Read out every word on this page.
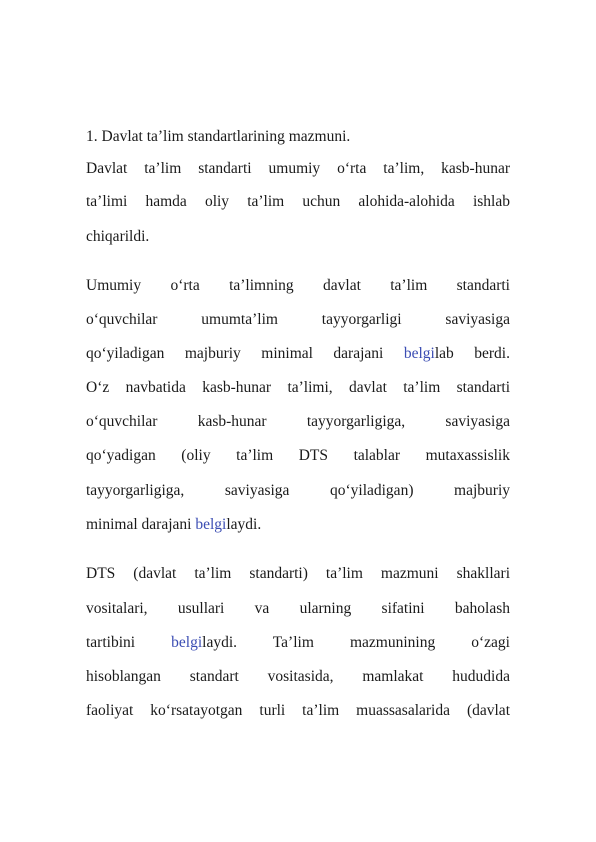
1. Davlat ta’lim standartlarining mazmuni.
Davlat ta’lim standarti umumiy o‘rta ta’lim, kasb-hunar
ta’limi hamda oliy ta’lim uchun alohida-alohida ishlab
chiqarildi.
Umumiy o‘rta ta’limning davlat ta’lim standarti
o‘quvchilar umumta’lim tayyorgarligi saviyasiga
qo‘yiladigan majburiy minimal darajani belgilab berdi.
O‘z navbatida kasb-hunar ta’limi, davlat ta’lim standarti
o‘quvchilar kasb-hunar tayyorgarligiga, saviyasiga
qo‘yadigan (oliy ta’lim DTS talablar mutaxassislik
tayyorgarligiga, saviyasiga qo‘yiladigan) majburiy
minimal darajani belgilaydi.
DTS (davlat ta’lim standarti) ta’lim mazmuni shakllari
vositalari, usullari va ularning sifatini baholash
tartibini belgilaydi. Ta’lim mazmunining o‘zagi
hisoblangan standart vositasida, mamlakat hududida
faoliyat ko‘rsatayotgan turli ta’lim muassasalarida (davlat
